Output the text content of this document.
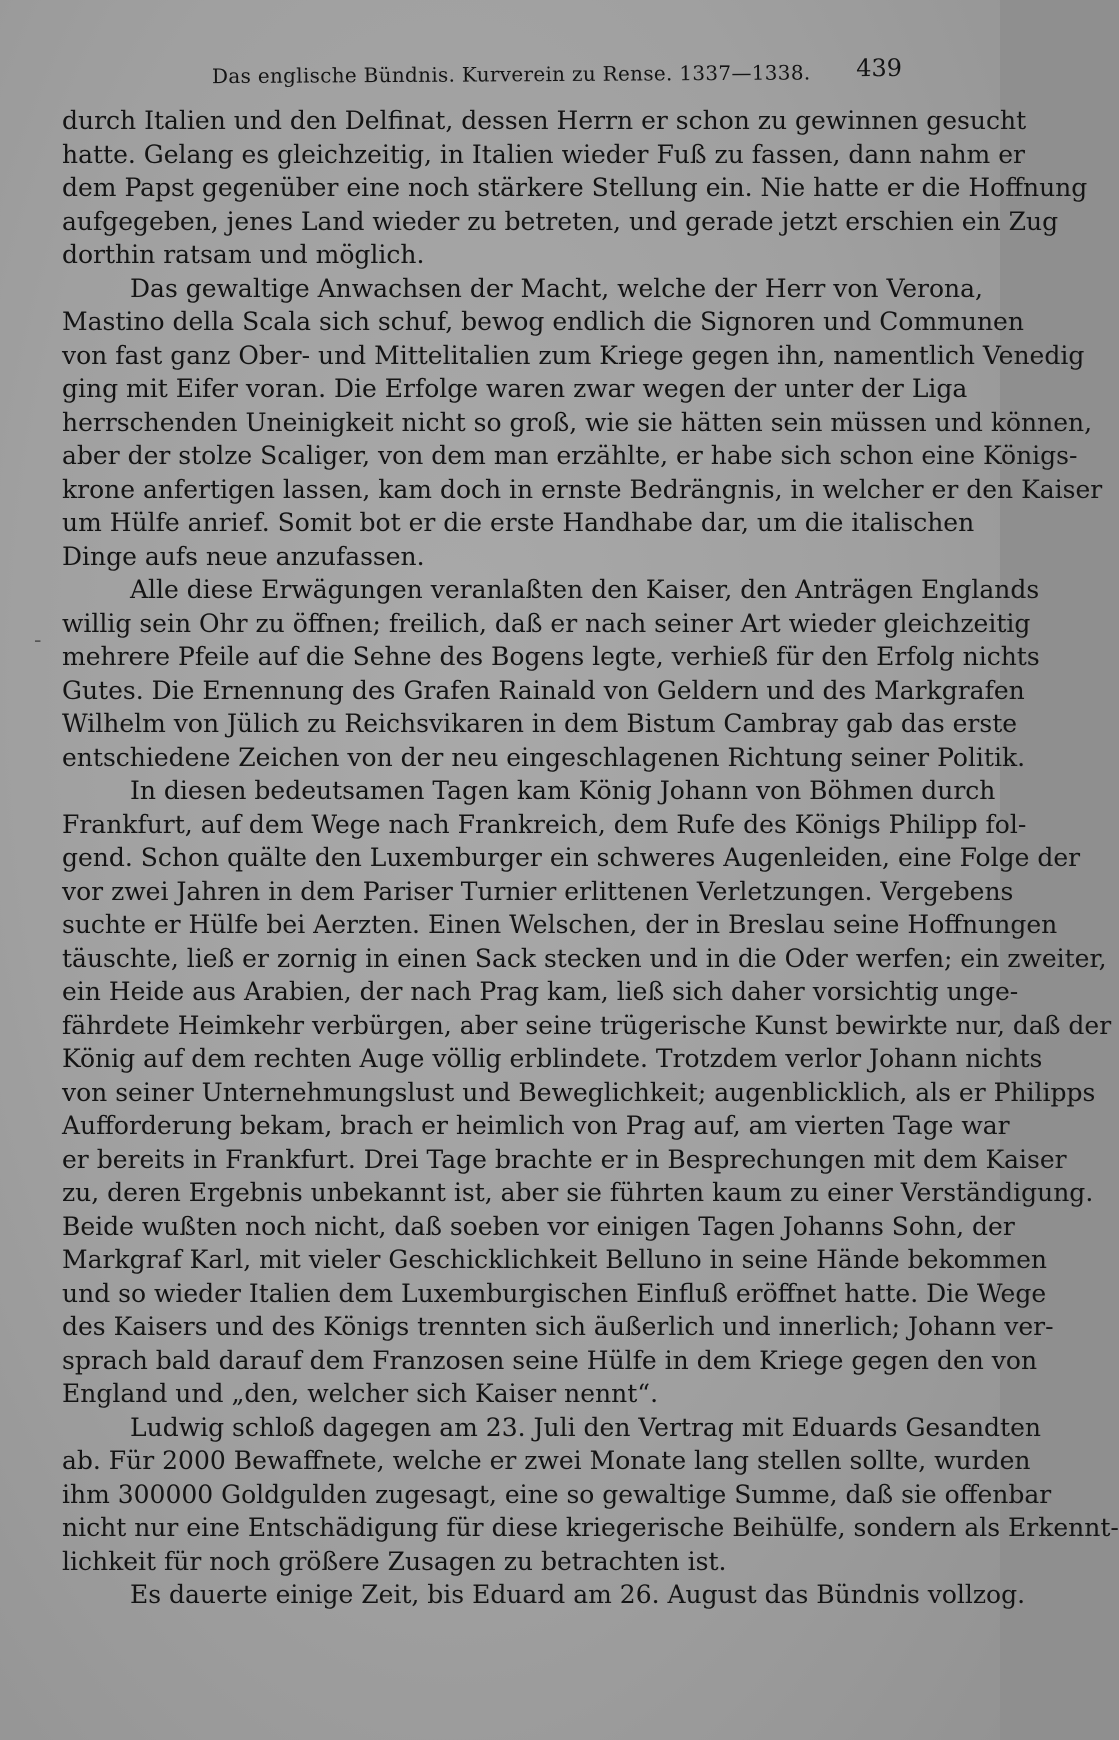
Das englische Bündnis. Kurverein zu Rense. 1337—1338. 439
-
durch Italien und den Delfinat, dessen Herrn er schon zu gewinnen gesucht
hatte. Gelang es gleichzeitig, in Italien wieder Fuß zu fassen, dann nahm er
dem Papst gegenüber eine noch stärkere Stellung ein. Nie hatte er die Hoffnung
aufgegeben, jenes Land wieder zu betreten, und gerade jetzt erschien ein Zug
dorthin ratsam und möglich.
Das gewaltige Anwachsen der Macht, welche der Herr von Verona,
Mastino della Scala sich schuf, bewog endlich die Signoren und Communen
von fast ganz Ober- und Mittelitalien zum Kriege gegen ihn, namentlich Venedig
ging mit Eifer voran. Die Erfolge waren zwar wegen der unter der Liga
herrschenden Uneinigkeit nicht so groß, wie sie hätten sein müssen und können,
aber der stolze Scaliger, von dem man erzählte, er habe sich schon eine Königs-
krone anfertigen lassen, kam doch in ernste Bedrängnis, in welcher er den Kaiser
um Hülfe anrief. Somit bot er die erste Handhabe dar, um die italischen
Dinge aufs neue anzufassen.
Alle diese Erwägungen veranlaßten den Kaiser, den Anträgen Englands
willig sein Ohr zu öffnen; freilich, daß er nach seiner Art wieder gleichzeitig
mehrere Pfeile auf die Sehne des Bogens legte, verhieß für den Erfolg nichts
Gutes. Die Ernennung des Grafen Rainald von Geldern und des Markgrafen
Wilhelm von Jülich zu Reichsvikaren in dem Bistum Cambray gab das erste
entschiedene Zeichen von der neu eingeschlagenen Richtung seiner Politik.
In diesen bedeutsamen Tagen kam König Johann von Böhmen durch
Frankfurt, auf dem Wege nach Frankreich, dem Rufe des Königs Philipp fol-
gend. Schon quälte den Luxemburger ein schweres Augenleiden, eine Folge der
vor zwei Jahren in dem Pariser Turnier erlittenen Verletzungen. Vergebens
suchte er Hülfe bei Aerzten. Einen Welschen, der in Breslau seine Hoffnungen
täuschte, ließ er zornig in einen Sack stecken und in die Oder werfen; ein zweiter,
ein Heide aus Arabien, der nach Prag kam, ließ sich daher vorsichtig unge-
fährdete Heimkehr verbürgen, aber seine trügerische Kunst bewirkte nur, daß der
König auf dem rechten Auge völlig erblindete. Trotzdem verlor Johann nichts
von seiner Unternehmungslust und Beweglichkeit; augenblicklich, als er Philipps
Aufforderung bekam, brach er heimlich von Prag auf, am vierten Tage war
er bereits in Frankfurt. Drei Tage brachte er in Besprechungen mit dem Kaiser
zu, deren Ergebnis unbekannt ist, aber sie führten kaum zu einer Verständigung.
Beide wußten noch nicht, daß soeben vor einigen Tagen Johanns Sohn, der
Markgraf Karl, mit vieler Geschicklichkeit Belluno in seine Hände bekommen
und so wieder Italien dem Luxemburgischen Einfluß eröffnet hatte. Die Wege
des Kaisers und des Königs trennten sich äußerlich und innerlich; Johann ver-
sprach bald darauf dem Franzosen seine Hülfe in dem Kriege gegen den von
England und „den, welcher sich Kaiser nennt“.
Ludwig schloß dagegen am 23. Juli den Vertrag mit Eduards Gesandten
ab. Für 2000 Bewaffnete, welche er zwei Monate lang stellen sollte, wurden
ihm 300000 Goldgulden zugesagt, eine so gewaltige Summe, daß sie offenbar
nicht nur eine Entschädigung für diese kriegerische Beihülfe, sondern als Erkennt-
lichkeit für noch größere Zusagen zu betrachten ist.
Es dauerte einige Zeit, bis Eduard am 26. August das Bündnis vollzog.
